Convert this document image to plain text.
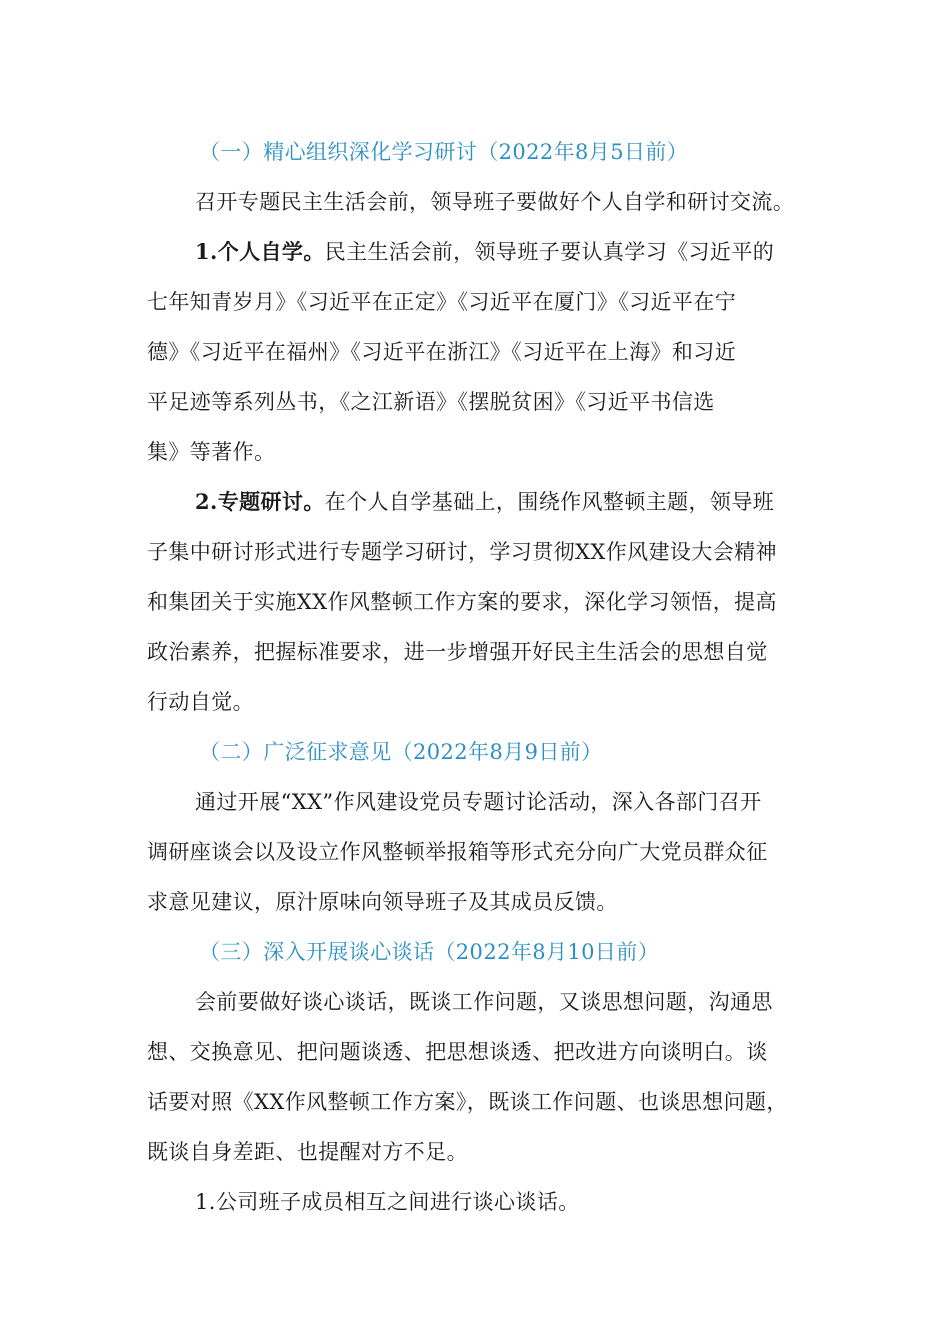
（一）精心组织深化学习研讨（2022年8月5日前）
召开专题民主生活会前，领导班子要做好个人自学和研讨交流。
1.个人自学。民主生活会前，领导班子要认真学习《习近平的
七年知青岁月》《习近平在正定》《习近平在厦门》《习近平在宁
德》《习近平在福州》《习近平在浙江》《习近平在上海》和习近
平足迹等系列丛书，《之江新语》《摆脱贫困》《习近平书信选
集》等著作。
2.专题研讨。在个人自学基础上，围绕作风整顿主题，领导班
子集中研讨形式进行专题学习研讨，学习贯彻XX作风建设大会精神
和集团关于实施XX作风整顿工作方案的要求，深化学习领悟，提高
政治素养，把握标准要求，进一步增强开好民主生活会的思想自觉
行动自觉。
（二）广泛征求意见（2022年8月9日前）
通过开展“XX”作风建设党员专题讨论活动，深入各部门召开
调研座谈会以及设立作风整顿举报箱等形式充分向广大党员群众征
求意见建议，原汁原味向领导班子及其成员反馈。
（三）深入开展谈心谈话（2022年8月10日前）
会前要做好谈心谈话，既谈工作问题，又谈思想问题，沟通思
想、交换意见、把问题谈透、把思想谈透、把改进方向谈明白。谈
话要对照《XX作风整顿工作方案》，既谈工作问题、也谈思想问题，
既谈自身差距、也提醒对方不足。
1.公司班子成员相互之间进行谈心谈话。
